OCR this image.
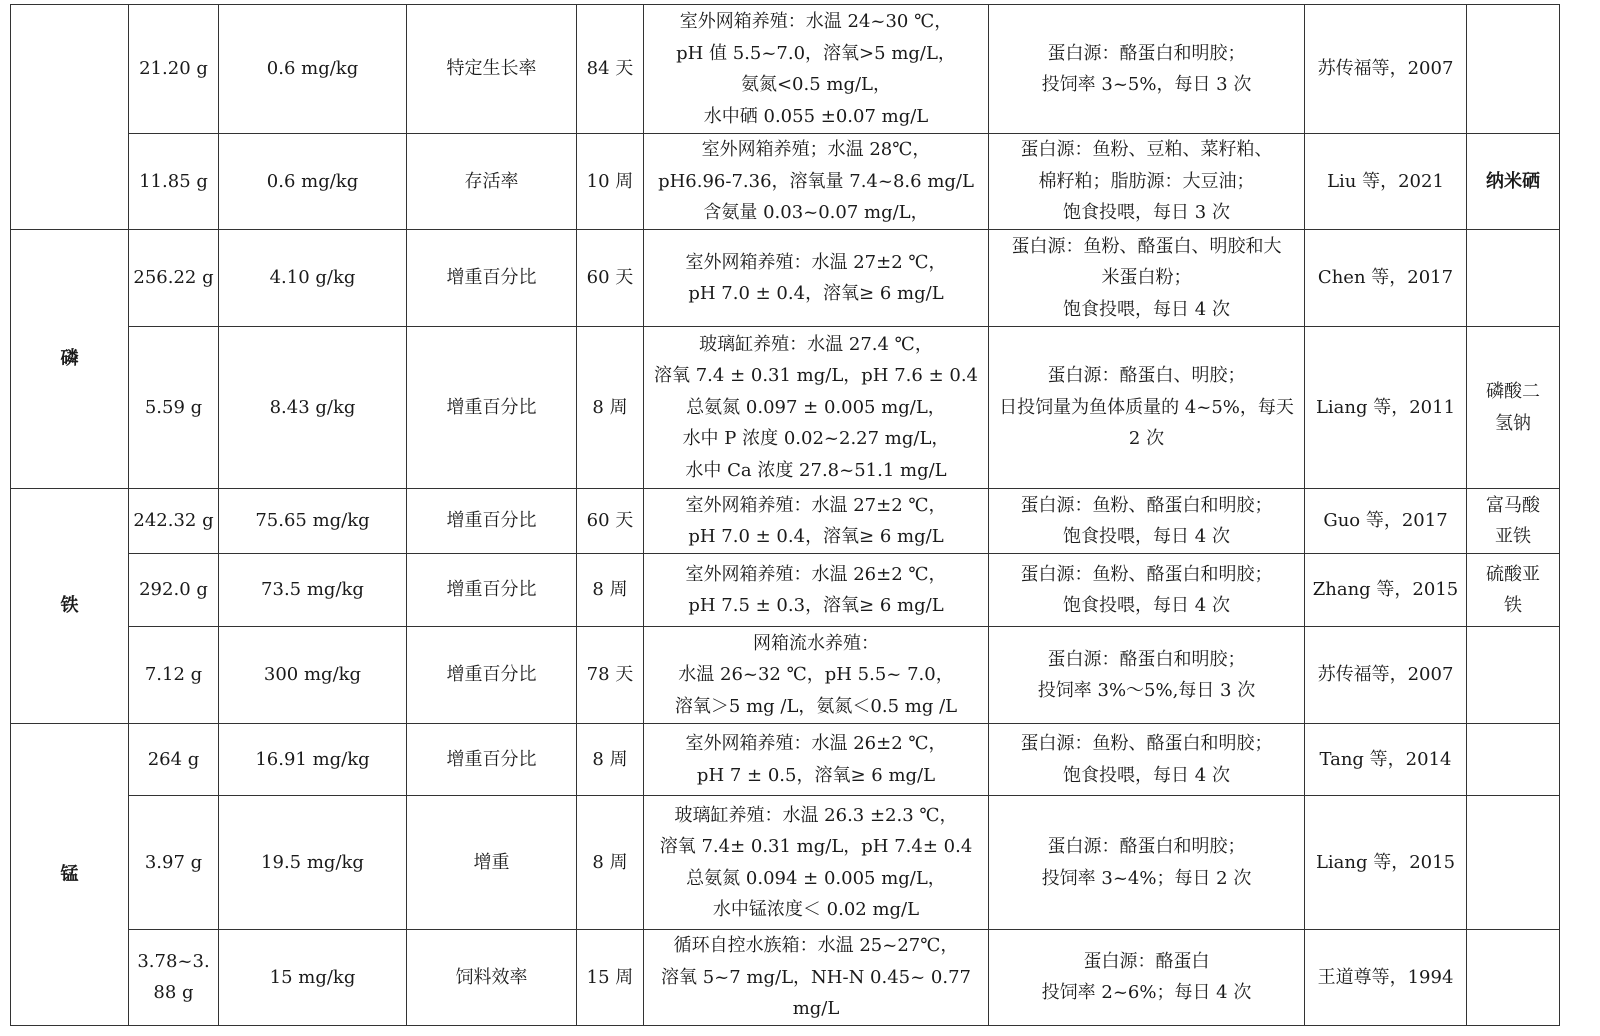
	21.20 g	0.6 mg/kg	特定生长率	84 天	室外网箱养殖：水温 24~30 ℃，
pH 值 5.5~7.0，溶氧>5 mg/L，
氨氮<0.5 mg/L，
水中硒 0.055 ±0.07 mg/L	蛋白源：酪蛋白和明胶；
投饲率 3~5%，每日 3 次	苏传福等，2007	
	11.85 g	0.6 mg/kg	存活率	10 周	室外网箱养殖；水温 28℃，
pH6.96-7.36，溶氧量 7.4~8.6 mg/L
含氨量 0.03~0.07 mg/L，	蛋白源：鱼粉、豆粕、菜籽粕、
棉籽粕；脂肪源：大豆油；
饱食投喂，每日 3 次	Liu 等，2021	纳米硒

磷	256.22 g	4.10 g/kg	增重百分比	60 天	室外网箱养殖：水温 27±2 ℃，
pH 7.0 ± 0.4，溶氧≥ 6 mg/L	蛋白源：鱼粉、酪蛋白、明胶和大
米蛋白粉；
饱食投喂，每日 4 次	Chen 等，2017	
	5.59 g	8.43 g/kg	增重百分比	8 周	玻璃缸养殖：水温 27.4 ℃，
溶氧 7.4 ± 0.31 mg/L，pH 7.6 ± 0.4
总氨氮 0.097 ± 0.005 mg/L，
水中 P 浓度 0.02~2.27 mg/L，
水中 Ca 浓度 27.8~51.1 mg/L	蛋白源：酪蛋白、明胶；
日投饲量为鱼体质量的 4~5%，每天
2 次	Liang 等，2011	磷酸二
氢钠

铁	242.32 g	75.65 mg/kg	增重百分比	60 天	室外网箱养殖：水温 27±2 ℃，
pH 7.0 ± 0.4，溶氧≥ 6 mg/L	蛋白源：鱼粉、酪蛋白和明胶；
饱食投喂，每日 4 次	Guo 等，2017	富马酸
亚铁

	292.0 g	73.5 mg/kg	增重百分比	8 周	室外网箱养殖：水温 26±2 ℃，
pH 7.5 ± 0.3，溶氧≥ 6 mg/L	蛋白源：鱼粉、酪蛋白和明胶；
饱食投喂，每日 4 次	Zhang 等，2015	硫酸亚
铁

	7.12 g	300 mg/kg	增重百分比	78 天	网箱流水养殖：
水温 26~32 ℃，pH 5.5~ 7.0，
溶氧＞5 mg /L，氨氮＜0.5 mg /L	蛋白源：酪蛋白和明胶；
投饲率 3%～5%,每日 3 次	苏传福等，2007	
锰	264 g	16.91 mg/kg	增重百分比	8 周	室外网箱养殖：水温 26±2 ℃，
pH 7 ± 0.5，溶氧≥ 6 mg/L	蛋白源：鱼粉、酪蛋白和明胶；
饱食投喂，每日 4 次	Tang 等，2014	
	3.97 g	19.5 mg/kg	增重	8 周	玻璃缸养殖：水温 26.3 ±2.3 ℃，
溶氧 7.4± 0.31 mg/L，pH 7.4± 0.4
总氨氮 0.094 ± 0.005 mg/L，
水中锰浓度＜ 0.02 mg/L	蛋白源：酪蛋白和明胶；
投饲率 3~4%；每日 2 次	Liang 等，2015	

	3.78~3.
88 g	15 mg/kg	饲料效率	15 周	循环自控水族箱：水温 25~27℃，
溶氧 5~7 mg/L，NH-N 0.45~ 0.77 mg/L	蛋白源：酪蛋白
投饲率 2~6%；每日 4 次	王道尊等，1994	
